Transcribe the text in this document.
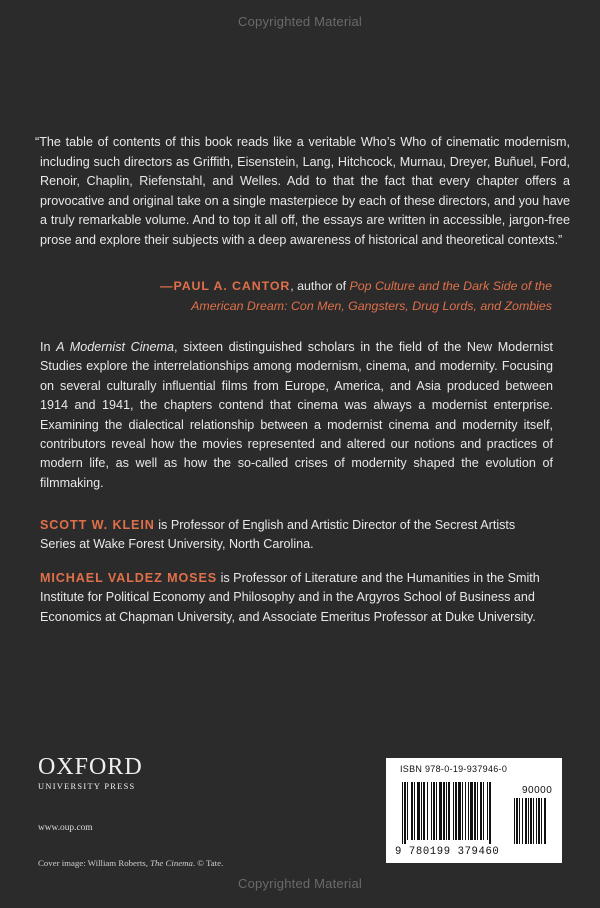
Copyrighted Material
“The table of contents of this book reads like a veritable Who’s Who of cinematic modernism, including such directors as Griffith, Eisenstein, Lang, Hitchcock, Murnau, Dreyer, Buñuel, Ford, Renoir, Chaplin, Riefenstahl, and Welles. Add to that the fact that every chapter offers a provocative and original take on a single masterpiece by each of these directors, and you have a truly remarkable volume. And to top it all off, the essays are written in accessible, jargon-free prose and explore their subjects with a deep awareness of historical and theoretical contexts.”
—PAUL A. CANTOR, author of Pop Culture and the Dark Side of the
American Dream: Con Men, Gangsters, Drug Lords, and Zombies
In A Modernist Cinema, sixteen distinguished scholars in the field of the New Modernist Studies explore the interrelationships among modernism, cinema, and modernity. Focusing on several culturally influential films from Europe, America, and Asia produced between 1914 and 1941, the chapters contend that cinema was always a modernist enterprise. Examining the dialectical relationship between a modernist cinema and modernity itself, contributors reveal how the movies represented and altered our notions and practices of modern life, as well as how the so-called crises of modernity shaped the evolution of filmmaking.
SCOTT W. KLEIN is Professor of English and Artistic Director of the Secrest Artists Series at Wake Forest University, North Carolina.
MICHAEL VALDEZ MOSES is Professor of Literature and the Humanities in the Smith Institute for Political Economy and Philosophy and in the Argyros School of Business and Economics at Chapman University, and Associate Emeritus Professor at Duke University.
OXFORD
UNIVERSITY PRESS
www.oup.com
Cover image: William Roberts, The Cinema. © Tate.
ISBN 978-0-19-937946-0
90000
9 780199 379460
Copyrighted Material
